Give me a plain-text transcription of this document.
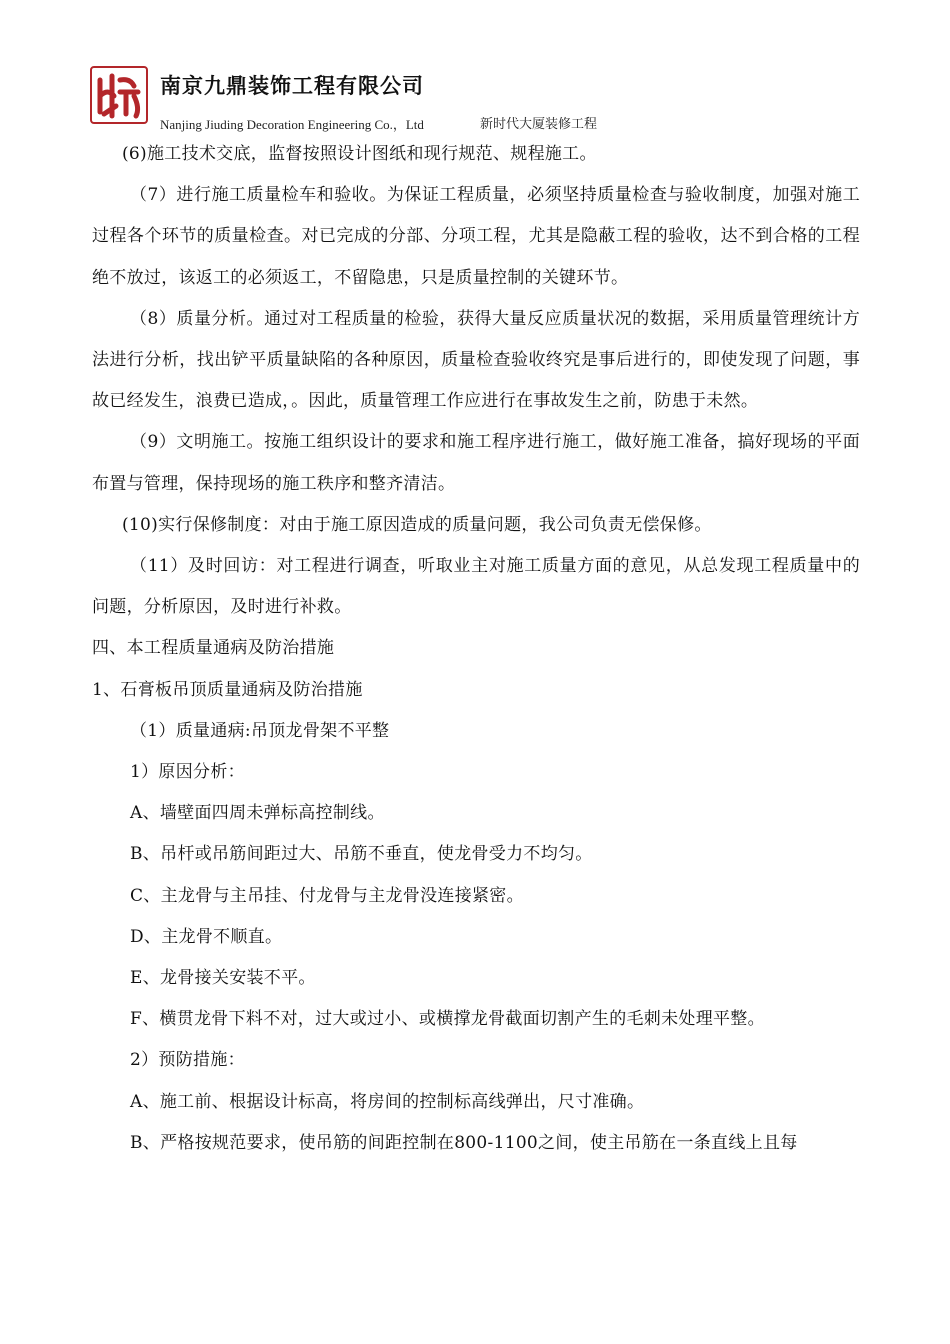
南京九鼎装饰工程有限公司
Nanjing Jiuding Decoration Engineering Co.，Ltd	新时代大厦装修工程

(6)施工技术交底，监督按照设计图纸和现行规范、规程施工。

（7）进行施工质量检车和验收。为保证工程质量，必须坚持质量检查与验收制度，加强对施工过程各个环节的质量检查。对已完成的分部、分项工程，尤其是隐蔽工程的验收，达不到合格的工程绝不放过，该返工的必须返工，不留隐患，只是质量控制的关键环节。

（8）质量分析。通过对工程质量的检验，获得大量反应质量状况的数据，采用质量管理统计方法进行分析，找出铲平质量缺陷的各种原因，质量检查验收终究是事后进行的，即使发现了问题，事故已经发生，浪费已造成，。因此，质量管理工作应进行在事故发生之前，防患于未然。

（9）文明施工。按施工组织设计的要求和施工程序进行施工，做好施工准备，搞好现场的平面布置与管理，保持现场的施工秩序和整齐清洁。

(10)实行保修制度：对由于施工原因造成的质量问题，我公司负责无偿保修。

（11）及时回访：对工程进行调查，听取业主对施工质量方面的意见，从总发现工程质量中的问题，分析原因，及时进行补救。

四、本工程质量通病及防治措施

1、石膏板吊顶质量通病及防治措施

（1）质量通病:吊顶龙骨架不平整

1）原因分析：

A、墙壁面四周未弹标高控制线。

B、吊杆或吊筋间距过大、吊筋不垂直，使龙骨受力不均匀。

C、主龙骨与主吊挂、付龙骨与主龙骨没连接紧密。

D、主龙骨不顺直。

E、龙骨接关安装不平。

F、横贯龙骨下料不对，过大或过小、或横撑龙骨截面切割产生的毛刺未处理平整。

2）预防措施：

A、施工前、根据设计标高，将房间的控制标高线弹出，尺寸准确。

B、严格按规范要求，使吊筋的间距控制在800-1100之间，使主吊筋在一条直线上且每
